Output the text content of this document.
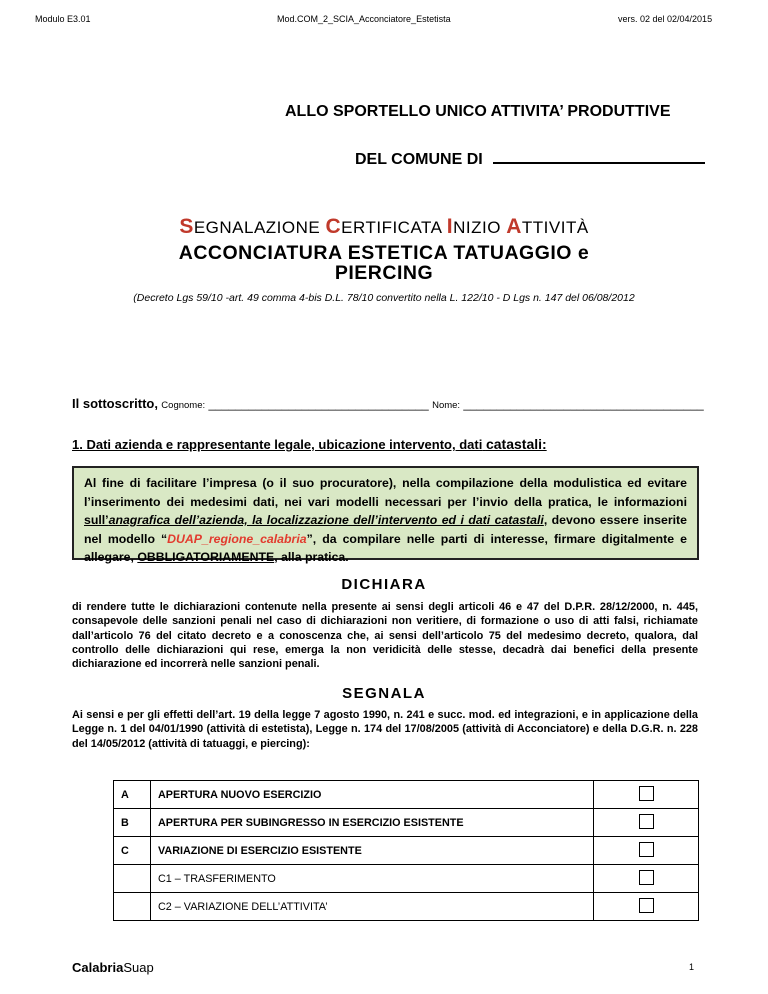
Modulo E3.01	Mod.COM_2_SCIA_Acconciatore_Estetista	vers. 02 del 02/04/2015
ALLO SPORTELLO UNICO ATTIVITA’ PRODUTTIVE
DEL COMUNE DI
SEGNALAZIONE CERTIFICATA INIZIO ATTIVITÀ
ACCONCIATURA ESTETICA TATUAGGIO e
PIERCING
(Decreto Lgs 59/10 -art. 49 comma 4-bis D.L. 78/10 convertito nella L. 122/10 - D Lgs n. 147 del 06/08/2012
Il sottoscritto, Cognome: _________________________________ Nome: ____________________________________
1. Dati azienda e rappresentante legale, ubicazione intervento, dati catastali:
Al fine di facilitare l’impresa (o il suo procuratore), nella compilazione della modulistica ed evitare l’inserimento dei medesimi dati, nei vari modelli necessari per l’invio della pratica, le informazioni sull’anagrafica dell’azienda, la localizzazione dell’intervento ed i dati catastali, devono essere inserite nel modello “DUAP_regione_calabria”, da compilare nelle parti di interesse, firmare digitalmente e allegare, OBBLIGATORIAMENTE, alla pratica.
DICHIARA
di rendere tutte le dichiarazioni contenute nella presente ai sensi degli articoli 46 e 47 del D.P.R. 28/12/2000, n. 445, consapevole delle sanzioni penali nel caso di dichiarazioni non veritiere, di formazione o uso di atti falsi, richiamate dall’articolo 76 del citato decreto e a conoscenza che, ai sensi dell’articolo 75 del medesimo decreto, qualora, dal controllo delle dichiarazioni qui rese, emerga la non veridicità delle stesse, decadrà dai benefici della presente dichiarazione ed incorrerà nelle sanzioni penali.
SEGNALA
Ai sensi e per gli effetti dell’art. 19 della legge 7 agosto 1990, n. 241 e succ. mod. ed integrazioni, e in applicazione della Legge n. 1 del 04/01/1990 (attività di estetista), Legge n. 174 del 17/08/2005 (attività di Acconciatore) e della D.G.R. n. 228 del 14/05/2012 (attività di tatuaggi, e piercing):
A	APERTURA NUOVO ESERCIZIO	
B	APERTURA PER SUBINGRESSO IN ESERCIZIO ESISTENTE	
C	VARIAZIONE DI ESERCIZIO ESISTENTE	
	C1 – TRASFERIMENTO	
	C2 – VARIAZIONE DELL’ATTIVITA’	
CalabriaSuap	1
